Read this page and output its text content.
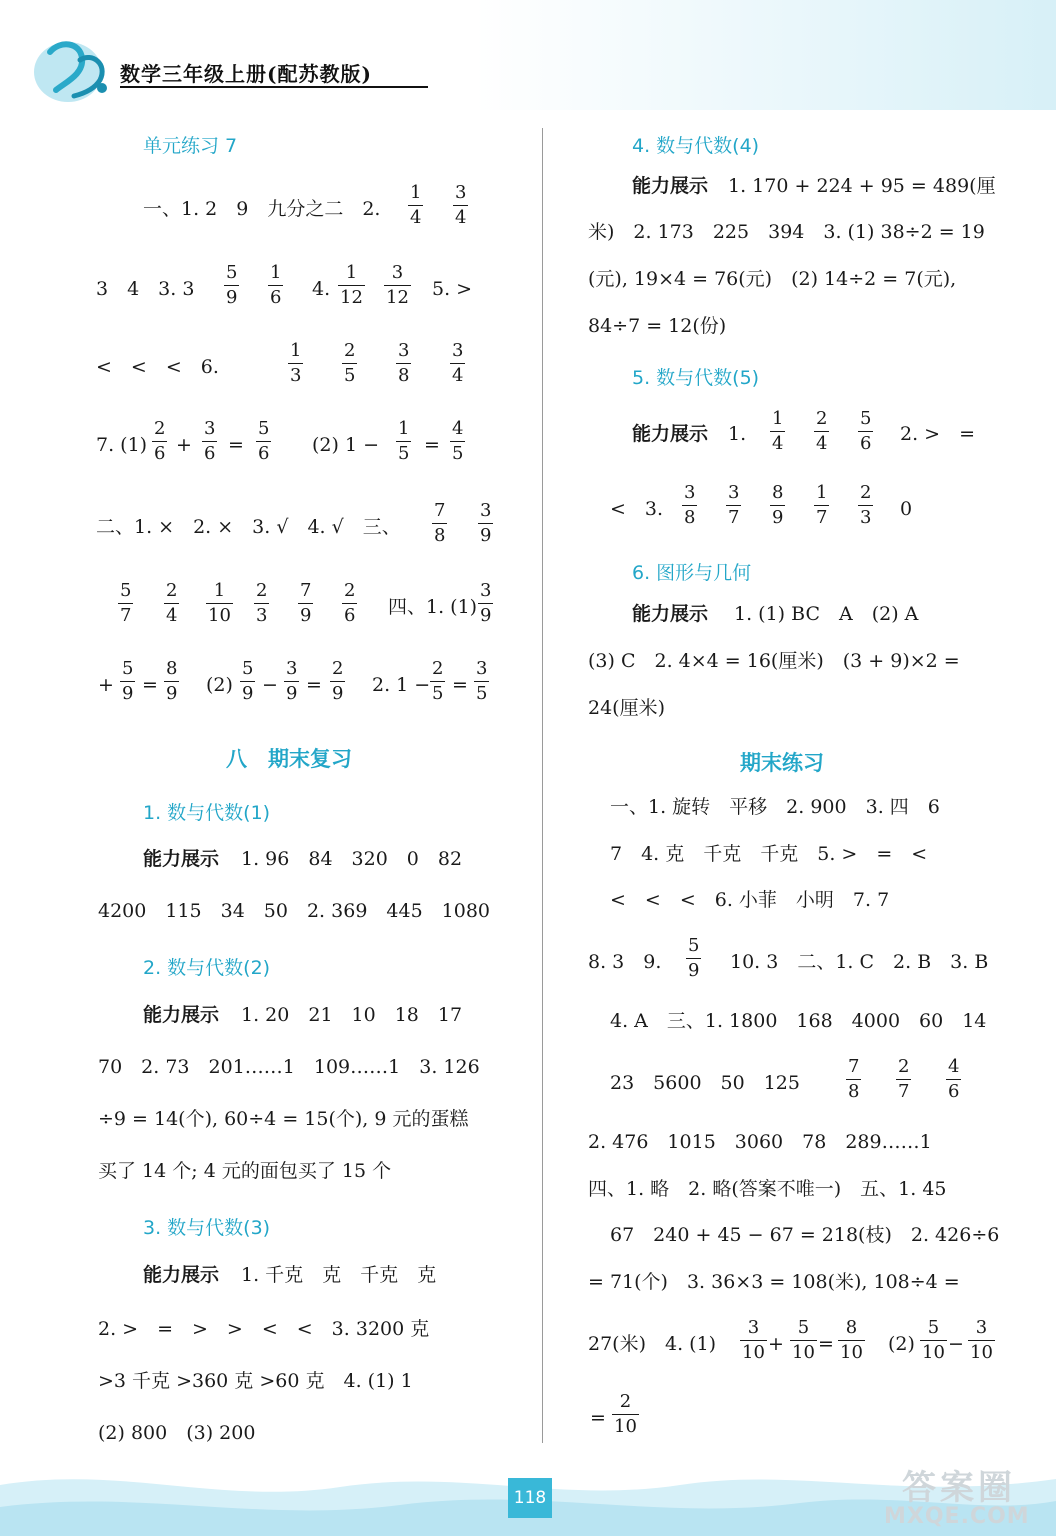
数学三年级上册(配苏教版)
单元练习 7
一、1. 2　9　九分之二　2. $\frac{1}{4} \frac{3}{4}$
3　4　3. $3 \frac{5}{9} \frac{1}{6} 4$. $\frac{1}{12} \frac{3}{12} 5$. >
<　<　<　6.	$\frac{1}{3} \frac{2}{5} \frac{3}{8} \frac{3}{4}$
7. $(1) \frac{2}{6} + \frac{3}{6} = \frac{5}{6} (2) 1 - \frac{1}{5} = \frac{4}{5}$
二、1. ×　2. ×　3. √　4. √　三、 $\frac{7}{8} \frac{3}{9}$
$\frac{5}{7} \frac{2}{4} \frac{1}{10} \frac{2}{3} \frac{7}{9} \frac{2}{6}$ 四、1. $(1) \frac{3}{9}$
+ $\frac{5}{9} = \frac{8}{9} (2) \frac{5}{9} - \frac{3}{9} = \frac{2}{9} 2$. $1 - \frac{2}{5} = \frac{3}{5}$
八　期末复习
1. 数与代数(1)
能力展示 1. 96　84　320　0　82
4200　115　34　50　2. 369　445　1080
2. 数与代数(2)
能力展示 1. 20　21　10　18　17
70　2. 73　201……1　109……1　3. 126
÷9 = 14(个), 60÷4 = 15(个), 9 元的蛋糕
买了 14 个; 4 元的面包买了 15 个
3. 数与代数(3)
能力展示 1. 千克　克　千克　克
2. >　=　>　>　<　<　3. 3200 克
>3 千克 >360 克 >60 克　4. (1) 1
(2) 800　(3) 200
4. 数与代数(4)
能力展示 1. 170 + 224 + 95 = 489(厘
米)　2. 173　225　394　3. (1) 38÷2 = 19
(元), 19×4 = 76(元)　(2) 14÷2 = 7(元),
84÷7 = 12(份)
5. 数与代数(5)
能力展示 1. $\frac{1}{4} \frac{2}{4} \frac{5}{6} 2$. >　=
<　3. $\frac{3}{8} \frac{3}{7} \frac{8}{9} \frac{1}{7} \frac{2}{3} 0$
6. 图形与几何
能力展示 1. (1) BC　A　(2) A
(3) C　2. 4×4 = 16(厘米)　(3 + 9)×2 =
24(厘米)
期末练习
一、1. 旋转　平移　2. 900　3. 四　6
7　4. 克　千克　千克　5. >　=　<
<　<　<　6. 小菲　小明　7. 7
8. 3　9. $\frac{5}{9} 10$. 3　二、1. C　2. B　3. B
4. A　三、1. 1800　168　4000　60　14
23　5600　50　125	$\frac{7}{8} \frac{2}{7} \frac{4}{6}$
2. 476　1015　3060　78　289……1
四、1. 略　2. 略(答案不唯一)　五、1. 45
67　240 + 45 − 67 = 218(枝)　2. 426÷6
= 71(个)　3. 36×3 = 108(米), 108÷4 =
27(米)　4. $(1) \frac{3}{10} + \frac{5}{10} = \frac{8}{10} (2) \frac{5}{10} - \frac{3}{10}$
= $\frac{2}{10}$
118	答案圈
MXQE.COM
